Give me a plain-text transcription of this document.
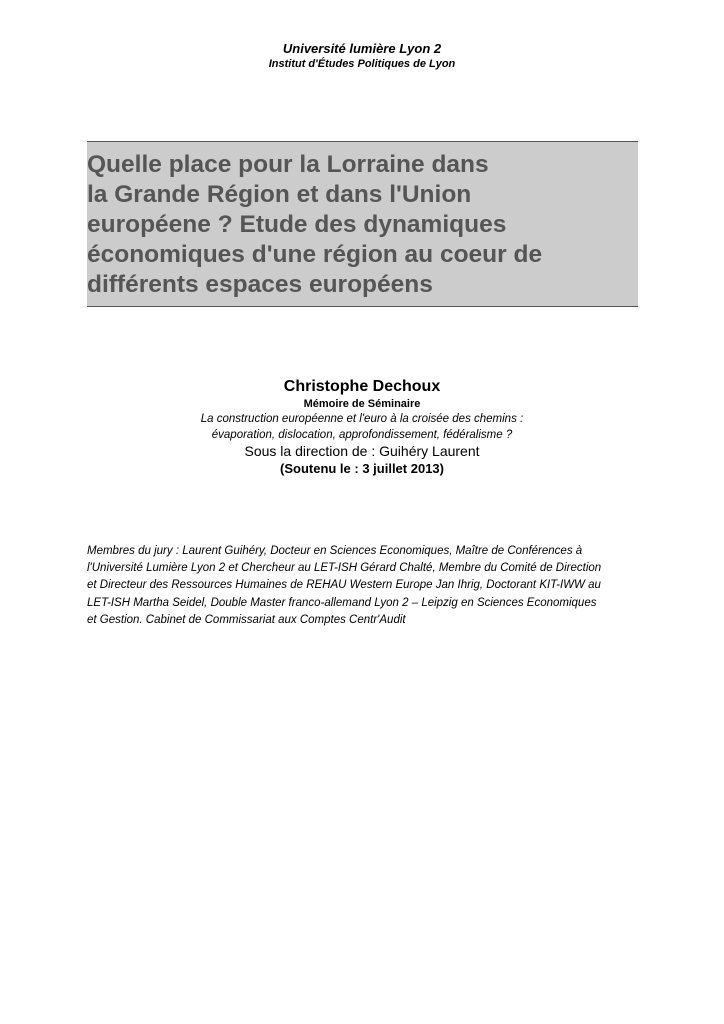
Université lumière Lyon 2
Institut d'Études Politiques de Lyon
Quelle place pour la Lorraine dans
la Grande Région et dans l'Union
européene ? Etude des dynamiques
économiques d'une région au coeur de
différents espaces européens
Christophe Dechoux
Mémoire de Séminaire
La construction européenne et l'euro à la croisée des chemins :
évaporation, dislocation, approfondissement, fédéralisme ?
Sous la direction de : Guihéry Laurent
(Soutenu le : 3 juillet 2013)
Membres du jury : Laurent Guihéry, Docteur en Sciences Economiques, Maître de Conférences à
l'Université Lumière Lyon 2 et Chercheur au LET-ISH Gérard Chalté, Membre du Comité de Direction
et Directeur des Ressources Humaines de REHAU Western Europe Jan Ihrig, Doctorant KIT-IWW au
LET-ISH Martha Seidel, Double Master franco-allemand Lyon 2 – Leipzig en Sciences Economiques
et Gestion. Cabinet de Commissariat aux Comptes Centr'Audit
